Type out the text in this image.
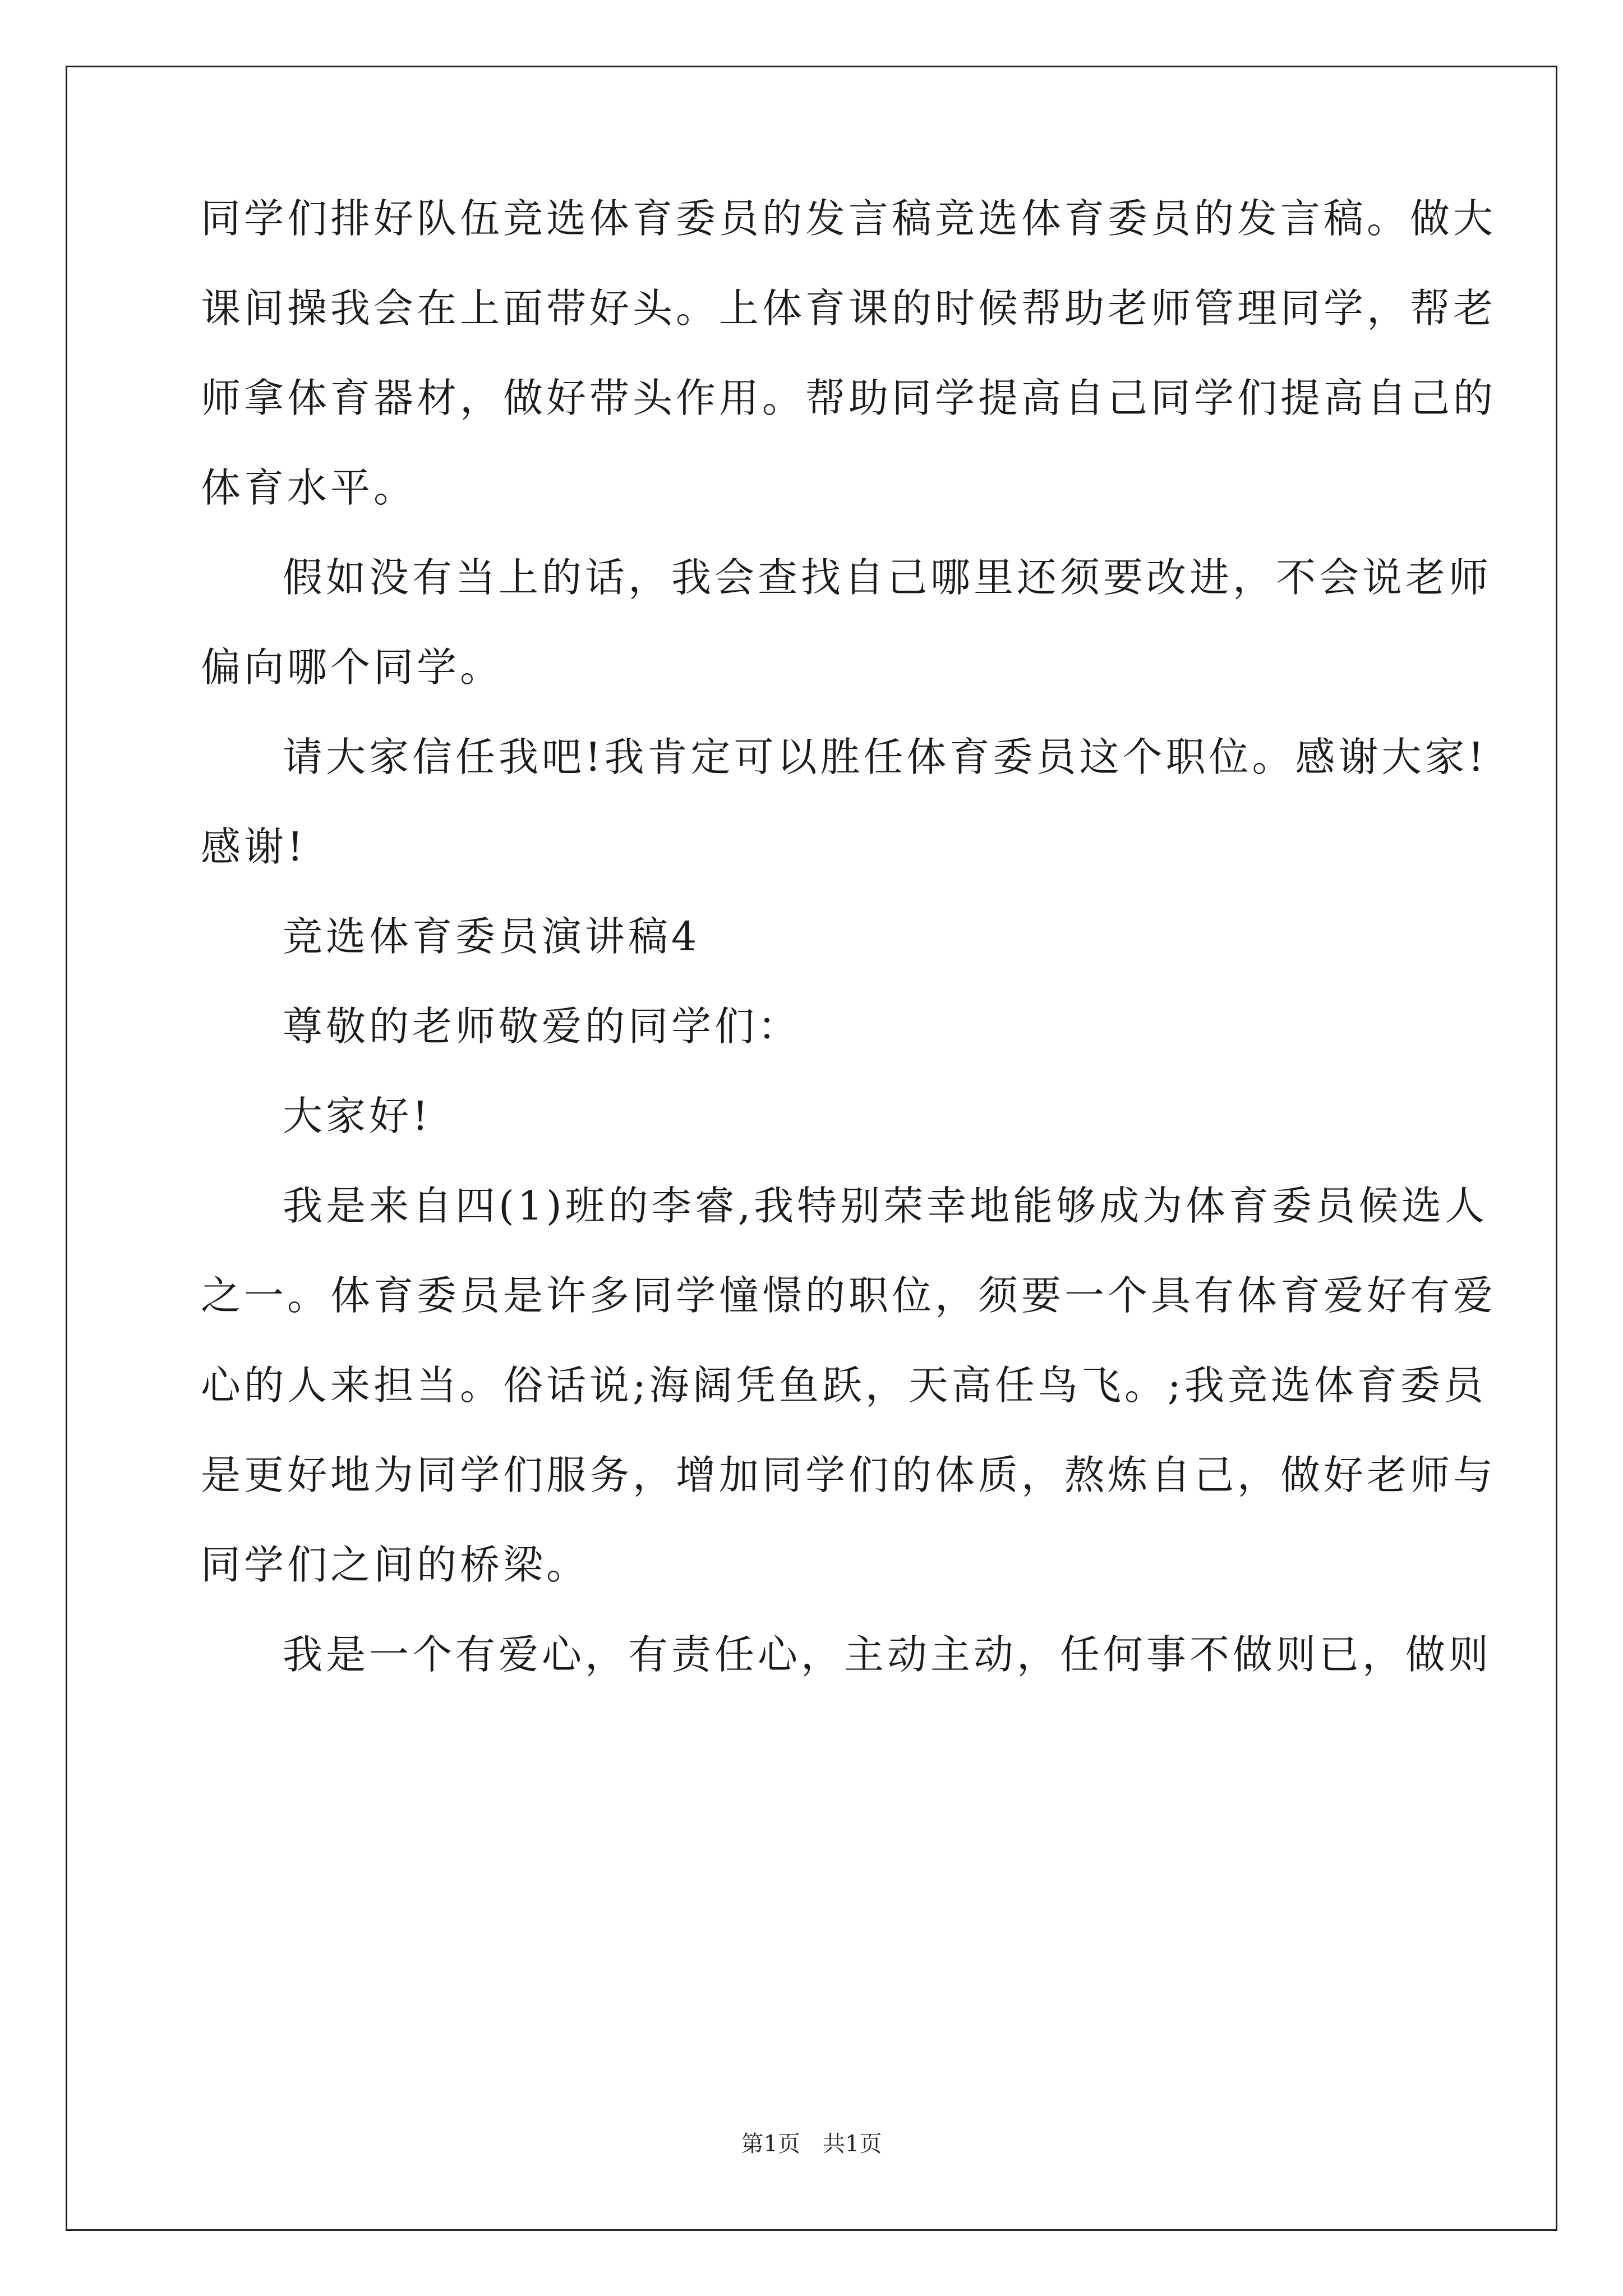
同学们排好队伍竞选体育委员的发言稿竞选体育委员的发言稿。做大
课间操我会在上面带好头。上体育课的时候帮助老师管理同学，帮老
师拿体育器材，做好带头作用。帮助同学提高自己同学们提高自己的
体育水平。
假如没有当上的话，我会查找自己哪里还须要改进，不会说老师
偏向哪个同学。
请大家信任我吧!我肯定可以胜任体育委员这个职位。感谢大家!
感谢!
竞选体育委员演讲稿4
尊敬的老师敬爱的同学们：
大家好!
我是来自四(1)班的李睿,我特别荣幸地能够成为体育委员候选人
之一。体育委员是许多同学憧憬的职位，须要一个具有体育爱好有爱
心的人来担当。俗话说;海阔凭鱼跃，天高任鸟飞。;我竞选体育委员
是更好地为同学们服务，增加同学们的体质，熬炼自己，做好老师与
同学们之间的桥梁。
我是一个有爱心，有责任心，主动主动，任何事不做则已，做则
第1页　共1页
